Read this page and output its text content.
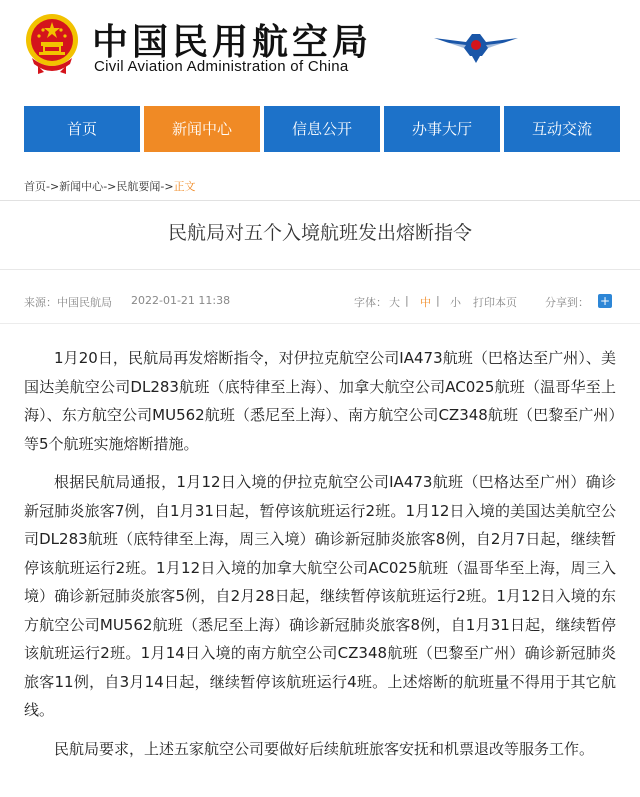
中国民用航空局
Civil Aviation Administration of China
首页	新闻中心	信息公开	办事大厅	互动交流
首页->新闻中心->民航要闻->正文
民航局对五个入境航班发出熔断指令
来源：中国民航局 2022-01-21 11:38	字体： 大 | 中 | 小 打印本页	分享到： +

1月20日，民航局再发熔断指令，对伊拉克航空公司IA473航班（巴格达至广州）、美国达美航空公司DL283航班（底特律至上海）、加拿大航空公司AC025航班（温哥华至上海）、东方航空公司MU562航班（悉尼至上海）、南方航空公司CZ348航班（巴黎至广州）等5个航班实施熔断措施。

根据民航局通报，1月12日入境的伊拉克航空公司IA473航班（巴格达至广州）确诊新冠肺炎旅客7例，自1月31日起，暂停该航班运行2班。1月12日入境的美国达美航空公司DL283航班（底特律至上海，周三入境）确诊新冠肺炎旅客8例，自2月7日起，继续暂停该航班运行2班。1月12日入境的加拿大航空公司AC025航班（温哥华至上海，周三入境）确诊新冠肺炎旅客5例，自2月28日起，继续暂停该航班运行2班。1月12日入境的东方航空公司MU562航班（悉尼至上海）确诊新冠肺炎旅客8例，自1月31日起，继续暂停该航班运行2班。1月14日入境的南方航空公司CZ348航班（巴黎至广州）确诊新冠肺炎旅客11例，自3月14日起，继续暂停该航班运行4班。上述熔断的航班量不得用于其它航线。

民航局要求，上述五家航空公司要做好后续航班旅客安抚和机票退改等服务工作。
